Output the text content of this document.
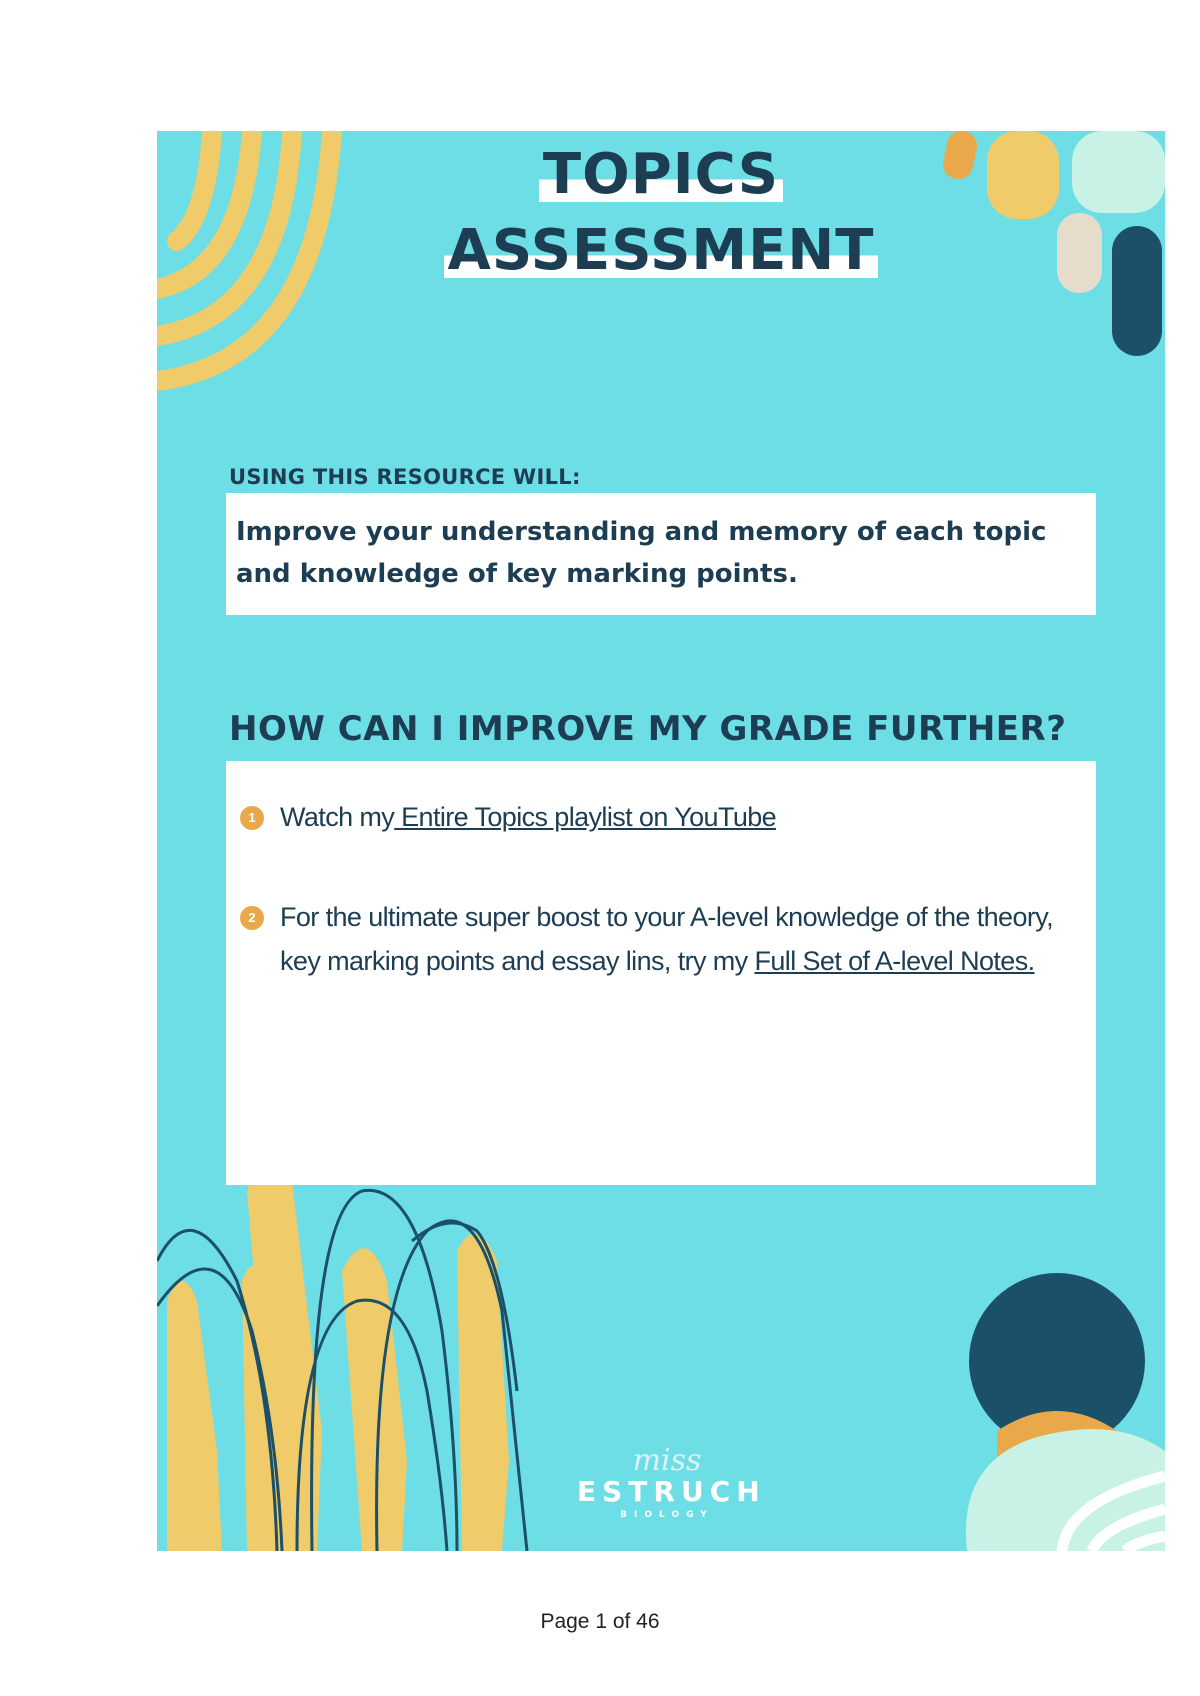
TOPICS
ASSESSMENT
USING THIS RESOURCE WILL:
Improve your understanding and memory of each topic and knowledge of key marking points.
HOW CAN I IMPROVE MY GRADE FURTHER?
1 Watch my Entire Topics playlist on YouTube
2 For the ultimate super boost to your A-level knowledge of the theory, key marking points and essay lins, try my Full Set of A-level Notes.
miss
ESTRUCH
BIOLOGY
Page 1 of 46
